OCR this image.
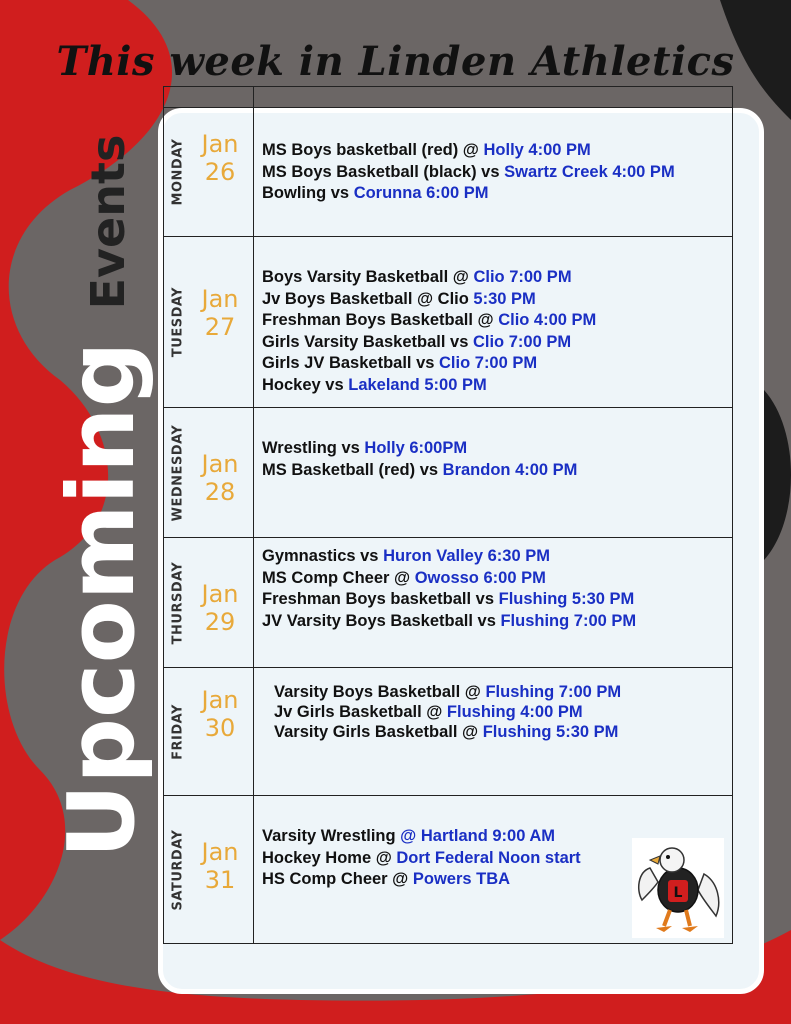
This week in Linden Athletics
Upcoming
Events	MONDAY Jan
26
MS Boys basketball (red) @ Holly 4:00 PM
MS Boys Basketball (black) vs Swartz Creek 4:00 PM
Bowling vs Corunna 6:00 PM
TUESDAY Jan
27
Boys Varsity Basketball @ Clio 7:00 PM
Jv Boys Basketball @ Clio 5:30 PM
Freshman Boys Basketball @ Clio 4:00 PM
Girls Varsity Basketball vs Clio 7:00 PM
Girls JV Basketball vs Clio 7:00 PM
Hockey vs Lakeland 5:00 PM
WEDNESDAY Jan
28
Wrestling vs Holly 6:00PM
MS Basketball (red) vs Brandon 4:00 PM
THURSDAY Jan
29
Gymnastics vs Huron Valley 6:30 PM
MS Comp Cheer @ Owosso 6:00 PM
Freshman Boys basketball vs Flushing 5:30 PM
JV Varsity Boys Basketball vs Flushing 7:00 PM
FRIDAY
Jan
30
Varsity Boys Basketball @ Flushing 7:00 PM
Jv Girls Basketball @ Flushing 4:00 PM
Varsity Girls Basketball @ Flushing 5:30 PM
SATURDAY Jan
31
Varsity Wrestling @ Hartland 9:00 AM
Hockey Home @ Dort Federal Noon start
HS Comp Cheer @ Powers TBA
L
